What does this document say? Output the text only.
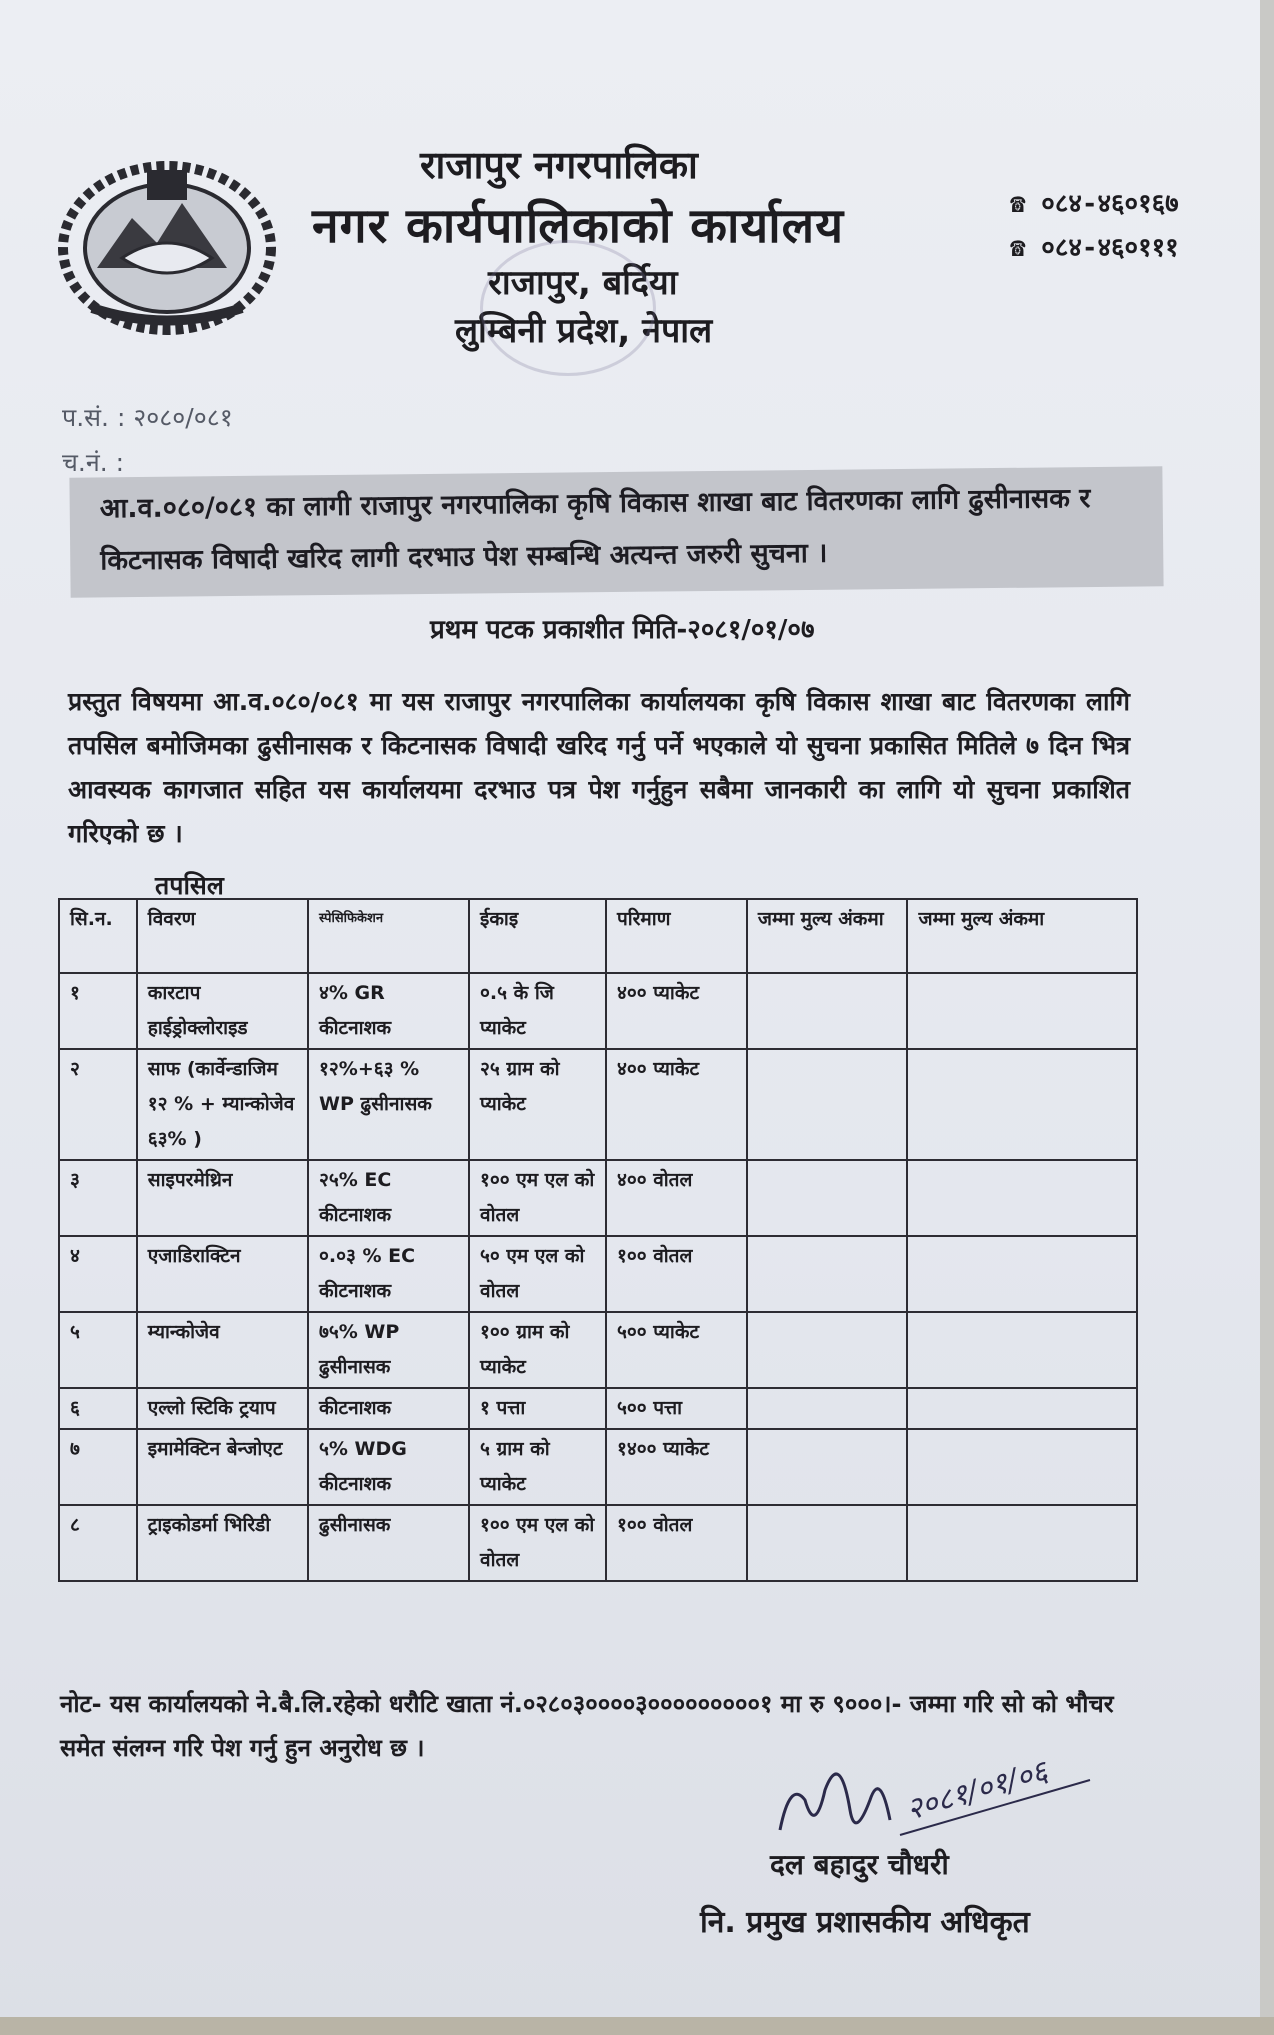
राजापुर नगरपालिका
नगर कार्यपालिकाको कार्यालय
राजापुर, बर्दिया
लुम्बिनी प्रदेश, नेपाल
☎ ०८४-४६०१६७
☎ ०८४-४६०१११
प.सं. : २०८०/०८१
च.नं. :
आ.व.०८०/०८१ का लागी राजापुर नगरपालिका कृषि विकास शाखा बाट वितरणका लागि ढुसीनासक र किटनासक विषादी खरिद लागी दरभाउ पेश सम्बन्धि अत्यन्त जरुरी सुचना ।
प्रथम पटक प्रकाशीत मिति-२०८१/०१/०७
प्रस्तुत विषयमा आ.व.०८०/०८१ मा यस राजापुर नगरपालिका कार्यालयका कृषि विकास शाखा बाट वितरणका लागि तपसिल बमोजिमका ढुसीनासक र किटनासक विषादी खरिद गर्नु पर्ने भएकाले यो सुचना प्रकासित मितिले ७ दिन भित्र आवस्यक कागजात सहित यस कार्यालयमा दरभाउ पत्र पेश गर्नुहुन सबैमा जानकारी का लागि यो सुचना प्रकाशित गरिएको छ ।
तपसिल
सि.न.	विवरण	स्पेसिफिकेशन	ईकाइ	परिमाण	जम्मा मुल्य अंकमा	जम्मा मुल्य अंकमा
१	कारटाप हाईड्रोक्लोराइड	४% GR कीटनाशक	०.५ के जि प्याकेट	४०० प्याकेट		
२	साफ (कार्वेन्डाजिम १२ % + म्यान्कोजेव ६३% )	१२%+६३ % WP ढुसीनासक	२५ ग्राम को प्याकेट	४०० प्याकेट		
३	साइपरमेथ्रिन	२५% EC कीटनाशक	१०० एम एल को वोतल	४०० वोतल		
४	एजाडिराक्टिन	०.०३ % EC कीटनाशक	५० एम एल को वोतल	१०० वोतल		
५	म्यान्कोजेव	७५% WP ढुसीनासक	१०० ग्राम को प्याकेट	५०० प्याकेट		
६	एल्लो स्टिकि ट्रयाप	कीटनाशक	१ पत्ता	५०० पत्ता		
७	इमामेक्टिन बेन्जोएट	५% WDG कीटनाशक	५ ग्राम को प्याकेट	१४०० प्याकेट		
८	ट्राइकोडर्मा भिरिडी	ढुसीनासक	१०० एम एल को वोतल	१०० वोतल		
नोट- यस कार्यालयको ने.बै.लि.रहेको धरौटि खाता नं.०२८०३००००३०००००००००१ मा रु ९०००।- जम्मा गरि सो को भौचर समेत संलग्न गरि पेश गर्नु हुन अनुरोध छ ।
२०८१/०१/०६
दल बहादुर चौधरी
नि. प्रमुख प्रशासकीय अधिकृत
